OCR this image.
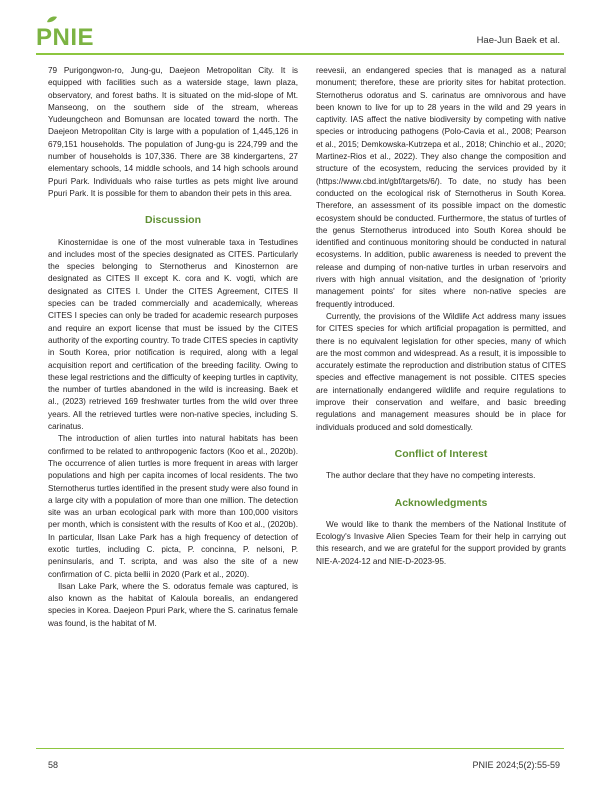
PNIE	Hae-Jun Baek et al.

79 Purigongwon-ro, Jung-gu, Daejeon Metropolitan City. It is equipped with facilities such as a waterside stage, lawn plaza, observatory, and forest baths. It is situated on the mid-slope of Mt. Manseong, on the southern side of the stream, whereas Yudeungcheon and Bomunsan are located toward the north. The Daejeon Metropolitan City is large with a population of 1,445,126 in 679,151 households. The population of Jung-gu is 224,799 and the number of households is 107,336. There are 38 kindergartens, 27 elementary schools, 14 middle schools, and 14 high schools around Ppuri Park. Individuals who raise turtles as pets might live around Ppuri Park. It is possible for them to abandon their pets in this area.

Discussion

Kinosternidae is one of the most vulnerable taxa in Testudines and includes most of the species designated as CITES. Particularly the species belonging to Sternotherus and Kinosternon are designated as CITES II except K. cora and K. vogti, which are designated as CITES I. Under the CITES Agreement, CITES II species can be traded commercially and academically, whereas CITES I species can only be traded for academic research purposes and require an export license that must be issued by the CITES authority of the exporting country. To trade CITES species in captivity in South Korea, prior notification is required, along with a legal acquisition report and certification of the breeding facility. Owing to these legal restrictions and the difficulty of keeping turtles in captivity, the number of turtles abandoned in the wild is increasing. Baek et al., (2023) retrieved 169 freshwater turtles from the wild over three years. All the retrieved turtles were non-native species, including S. carinatus.

The introduction of alien turtles into natural habitats has been confirmed to be related to anthropogenic factors (Koo et al., 2020b). The occurrence of alien turtles is more frequent in areas with larger populations and high per capita incomes of local residents. The two Sternotherus turtles identified in the present study were also found in a large city with a population of more than one million. The detection site was an urban ecological park with more than 100,000 visitors per month, which is consistent with the results of Koo et al., (2020b). In particular, Ilsan Lake Park has a high frequency of detection of exotic turtles, including C. picta, P. concinna, P. nelsoni, P. peninsularis, and T. scripta, and was also the site of a new confirmation of C. picta bellii in 2020 (Park et al., 2020).

Ilsan Lake Park, where the S. odoratus female was captured, is also known as the habitat of Kaloula borealis, an endangered species in Korea. Daejeon Ppuri Park, where the S. carinatus female was found, is the habitat of M.

reevesii, an endangered species that is managed as a natural monument; therefore, these are priority sites for habitat protection. Sternotherus odoratus and S. carinatus are omnivorous and have been known to live for up to 28 years in the wild and 29 years in captivity. IAS affect the native biodiversity by competing with native species or introducing pathogens (Polo-Cavia et al., 2008; Pearson et al., 2015; Demkowska-Kutrzepa et al., 2018; Chinchio et al., 2020; Martinez-Rios et al., 2022). They also change the composition and structure of the ecosystem, reducing the services provided by it (https://www.cbd.int/gbf/targets/6/). To date, no study has been conducted on the ecological risk of Sternotherus in South Korea. Therefore, an assessment of its possible impact on the domestic ecosystem should be conducted. Furthermore, the status of turtles of the genus Sternotherus introduced into South Korea should be identified and continuous monitoring should be conducted in natural ecosystems. In addition, public awareness is needed to prevent the release and dumping of non-native turtles in urban reservoirs and rivers with high annual visitation, and the designation of 'priority management points' for sites where non-native species are frequently introduced.

Currently, the provisions of the Wildlife Act address many issues for CITES species for which artificial propagation is permitted, and there is no equivalent legislation for other species, many of which are the most common and widespread. As a result, it is impossible to accurately estimate the reproduction and distribution status of CITES species and effective management is not possible. CITES species are internationally endangered wildlife and require regulations to improve their conservation and welfare, and basic breeding regulations and management measures should be in place for individuals produced and sold domestically.

Conflict of Interest

The author declare that they have no competing interests.

Acknowledgments

We would like to thank the members of the National Institute of Ecology's Invasive Alien Species Team for their help in carrying out this research, and we are grateful for the support provided by grants NIE-A-2024-12 and NIE-D-2023-95.

58	PNIE 2024;5(2):55-59
